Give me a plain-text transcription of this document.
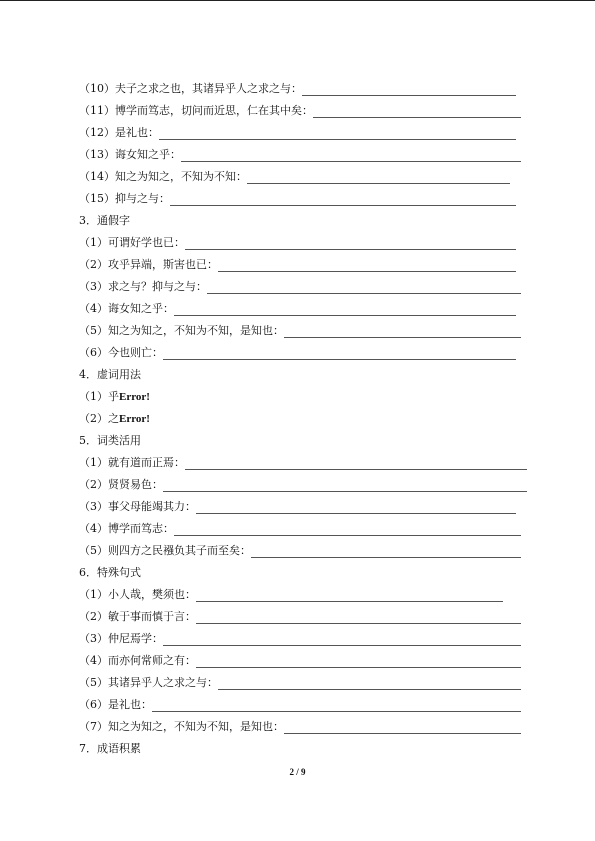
（10）夫子之求之也，其诸异乎人之求之与：
（11）博学而笃志，切问而近思，仁在其中矣：
（12）是礼也：
（13）诲女知之乎：
（14）知之为知之，不知为不知：
（15）抑与之与：
3．通假字
（1）可谓好学也已：
（2）攻乎异端，斯害也已：
（3）求之与？抑与之与：
（4）诲女知之乎：
（5）知之为知之，不知为不知，是知也：
（6）今也则亡：
4．虚词用法
（1）乎Error!
（2）之Error!
5．词类活用
（1）就有道而正焉：
（2）贤贤易色：
（3）事父母能竭其力：
（4）博学而笃志：
（5）则四方之民襁负其子而至矣：
6．特殊句式
（1）小人哉，樊须也：
（2）敏于事而慎于言：
（3）仲尼焉学：
（4）而亦何常师之有：
（5）其诸异乎人之求之与：
（6）是礼也：
（7）知之为知之，不知为不知，是知也：
7．成语积累
2 / 9
